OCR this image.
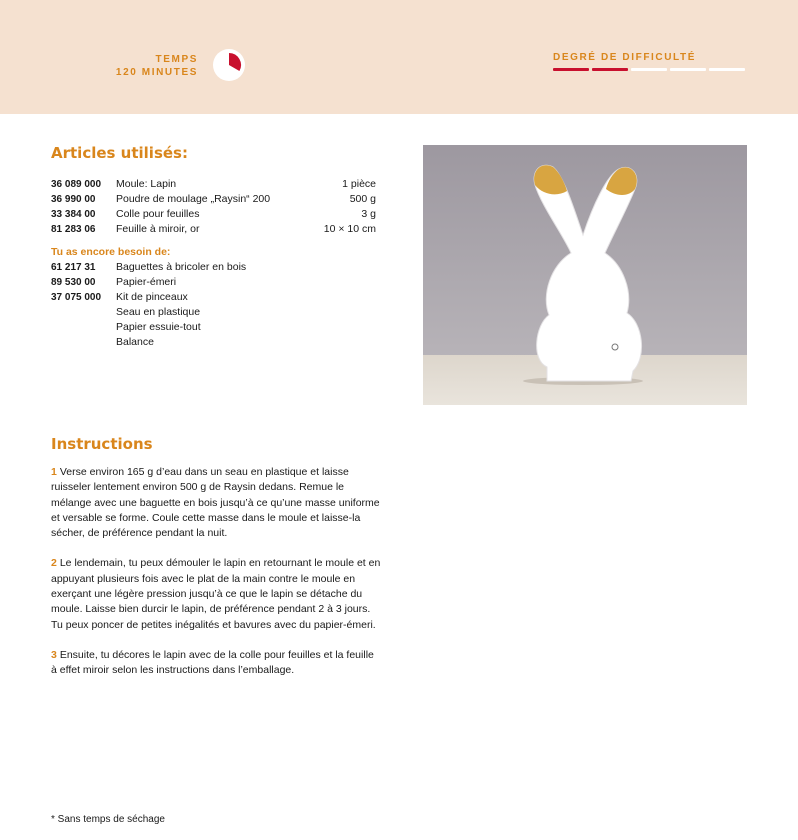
TEMPS
120 MINUTES
DEGRÉ DE DIFFICULTÉ
Articles utilisés:
36 089 000	Moule: Lapin	1 pièce
36 990 00	Poudre de moulage „Raysin“ 200	500 g
33 384 00	Colle pour feuilles	3 g
81 283 06	Feuille à miroir, or	10 × 10 cm
Tu as encore besoin de:
61 217 31	Baguettes à bricoler en bois
89 530 00	Papier-émeri
37 075 000	Kit de pinceaux
Seau en plastique
Papier essuie-tout
Balance
Instructions

1 Verse environ 165 g d’eau dans un seau en plastique et laisse ruisseler lentement environ 500 g de Raysin dedans. Remue le mélange avec une baguette en bois jusqu’à ce qu’une masse uniforme et versable se forme. Coule cette masse dans le moule et laisse-la sécher, de préférence pendant la nuit.

2 Le lendemain, tu peux démouler le lapin en retournant le moule et en appuyant plusieurs fois avec le plat de la main contre le moule en exerçant une légère pression jusqu’à ce que le lapin se détache du moule. Laisse bien durcir le lapin, de préférence pendant 2 à 3 jours.
Tu peux poncer de petites inégalités et bavures avec du papier-émeri.

3 Ensuite, tu décores le lapin avec de la colle pour feuilles et la feuille à effet miroir selon les instructions dans l’emballage.

* Sans temps de séchage
